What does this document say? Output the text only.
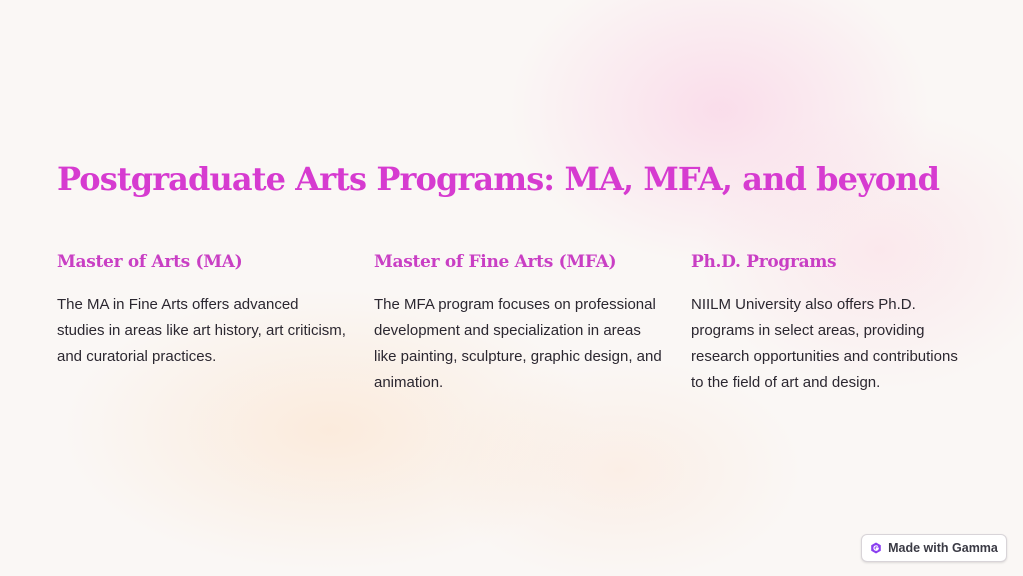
Postgraduate Arts Programs: MA, MFA, and beyond
Master of Arts (MA)

The MA in Fine Arts offers advanced studies in areas like art history, art criticism, and curatorial practices.

Master of Fine Arts (MFA)

The MFA program focuses on professional development and specialization in areas like painting, sculpture, graphic design, and animation.

Ph.D. Programs

NIILM University also offers Ph.D. programs in select areas, providing research opportunities and contributions to the field of art and design.

Made with Gamma
